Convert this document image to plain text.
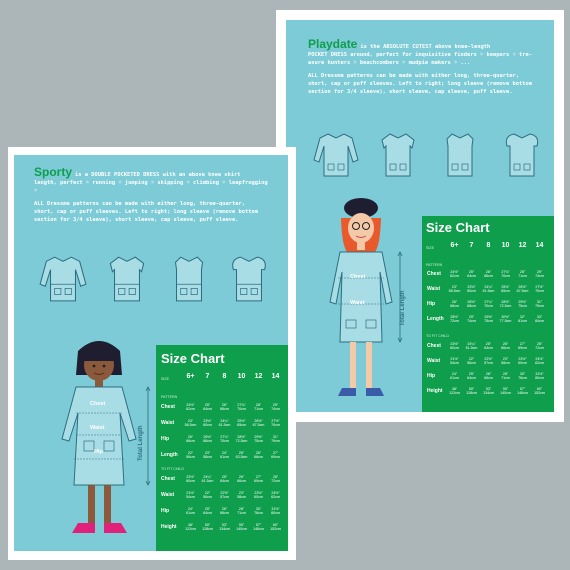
Playdate is the ABSOLUTE CUTEST above knee-length
POCKET DRESS around, perfect for inquisitive finders ☼ keepers ☼ tre-
asure hunters ☼ beachcombers ☼ mudpie makers ☼ ...
ALL Dressme patterns can be made with either long, three-quarter,
short, cap or puff sleeves. Left to right; long sleeve (remove bottom
section for 3/4 sleeve), short sleeve, cap sleeve, puff sleeve.
Chest
Waist	Total Length
Size Chart
SIZE	6+	7	8	10	12	14
PATTERN
Chest	24½"
62cm
25"
64cm
26"
66cm
27¾"
70cm
28"
71cm
29"
74cm
Waist	23"
58.5cm
23½"
60cm
24¼"
61.5cm
25½"
65cm
26½"
67.5cm
27½"
70cm
Hip	26"
66cm
26½"
68cm
27¼"
70cm
28½"
72.5cm
29½"
75cm
31"
79cm
Length	28½"
72cm
29"
74cm
29½"
75cm
30½"
77.5cm
32"
81cm
33"
84cm
TO FIT CHILD
Chest	23½"
60cm
24¼"
61.5cm
25"
64cm
26"
66cm
27"
69cm
28"
72cm
Waist	21½"
54cm
22"
56cm
22½"
57cm
23"
58cm
23½"
60cm
24½"
62cm
Hip	24"
61cm
25"
64cm
26"
66cm
28"
71cm
30"
76cm
31½"
80cm
Height	48"
122cm
50"
128cm
53"
134cm
55"
140cm
57"
146cm
60"
152cm
Sporty is a DOUBLE POCKETED DRESS with an above knee skirt
length, perfect ☼ running ☼ jumping ☼ skipping ☼ climbing ☼ leapfrogging
☼
ALL Dressme patterns can be made with either long, three-quarter,
short, cap or puff sleeves. Left to right; long sleeve (remove bottom
section for 3/4 sleeve), short sleeve, cap sleeve, puff sleeve.
Chest
Waist
Hip	Total Length
Size Chart
SIZE	6+	7	8	10	12	14
PATTERN
Chest	24½"
62cm
25"
64cm
26"
66cm
27¾"
70cm
28"
71cm
29"
74cm
Waist	23"
58.5cm
23½"
60cm
24¼"
61.5cm
25½"
65cm
26½"
67.5cm
27½"
70cm
Hip	26"
66cm
26½"
68cm
27¼"
70cm
28½"
72.5cm
29½"
75cm
31"
79cm
Length	22"
56cm
23"
58cm
24"
61cm
25"
63.5cm
26"
66cm
27"
69cm
TO FIT CHILD
Chest	23½"
60cm
24¼"
61.5cm
25"
64cm
26"
66cm
27"
69cm
28"
72cm
Waist	21½"
54cm
22"
56cm
22½"
57cm
23"
58cm
23½"
60cm
24½"
62cm
Hip	24"
61cm
25"
64cm
26"
66cm
28"
71cm
30"
76cm
31½"
80cm
Height	48"
122cm
50"
128cm
53"
134cm
55"
140cm
57"
146cm
60"
152cm
